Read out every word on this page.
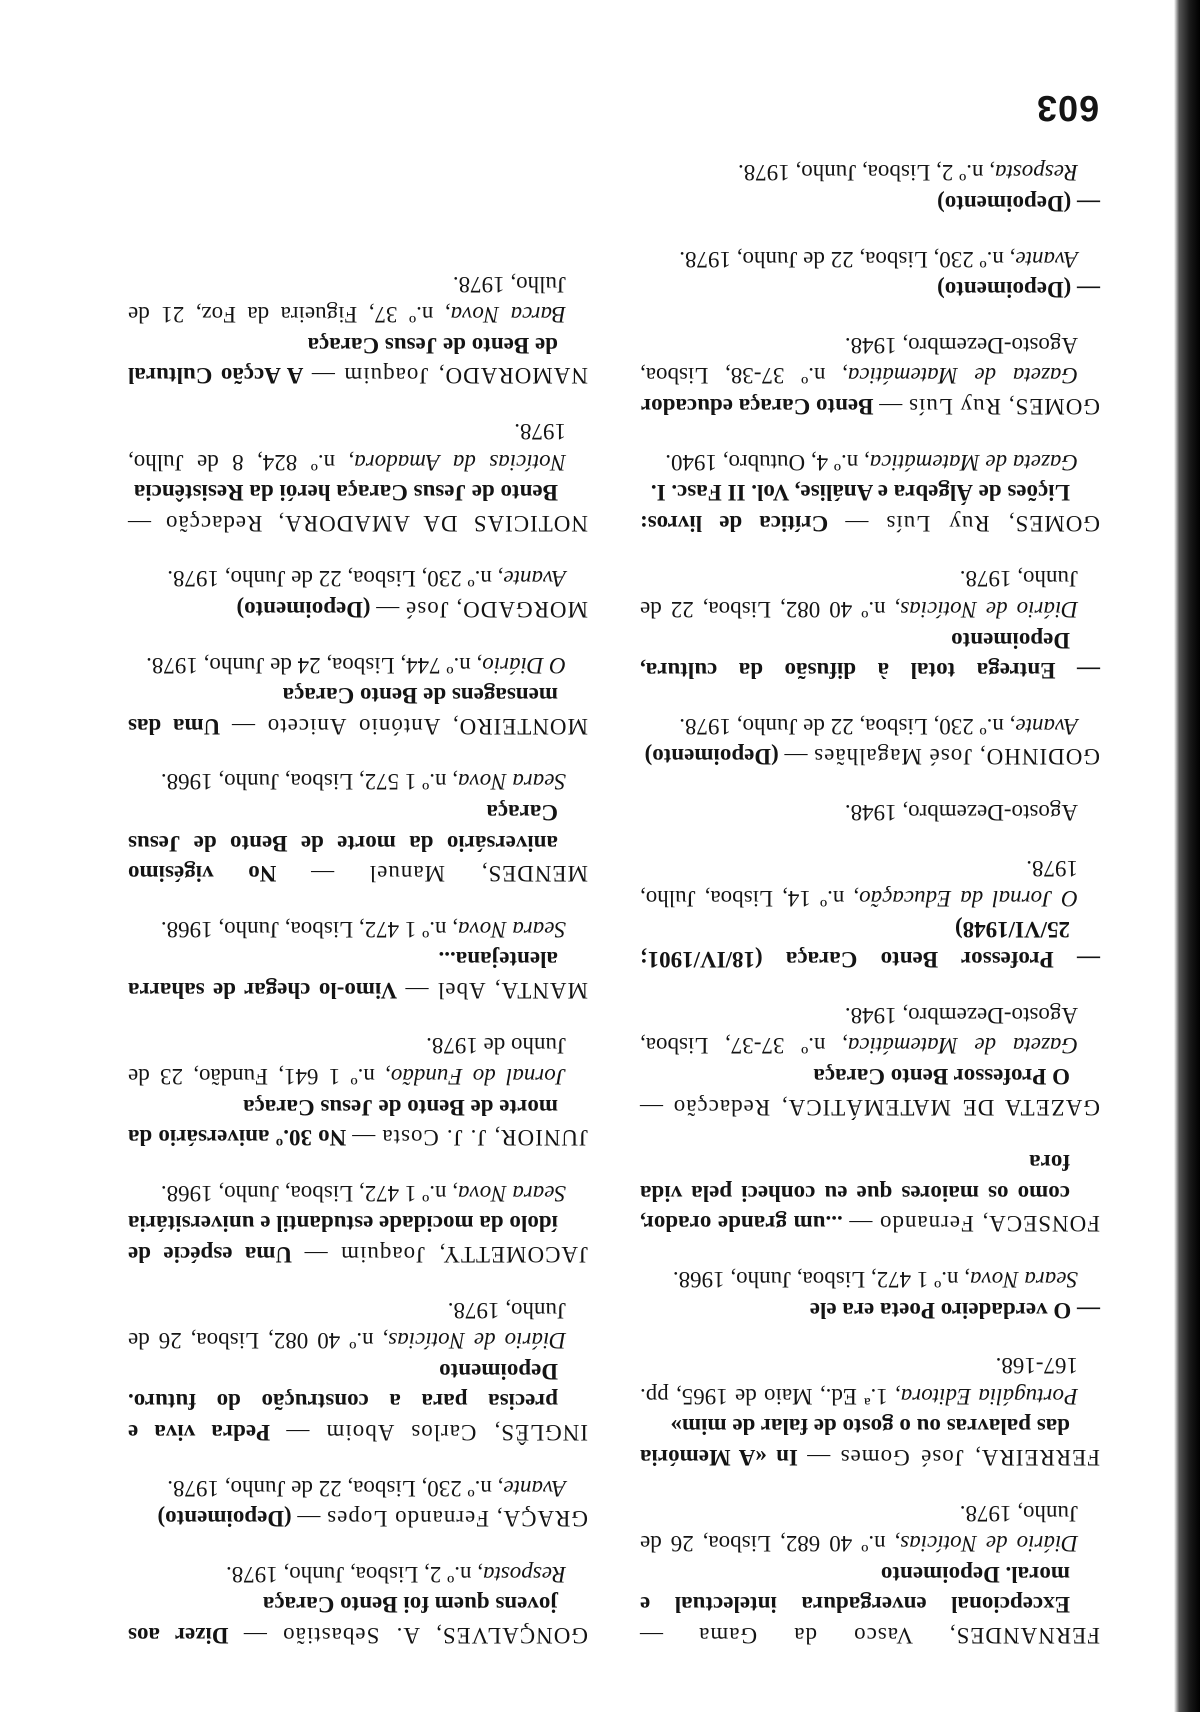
603

FERNANDES, Vasco da Gama — Excepcional envergadura intelectual e moral. Depoimento
Diário de Notícias, n.º 40 682, Lisboa, 26 de Junho, 1978.

FERREIRA, José Gomes — In «A Memória das palavras ou o gosto de falar de mim»
Portugália Editora, 1.ª Ed., Maio de 1965, pp. 167-168.

— O verdadeiro Poeta era ele
Seara Nova, n.º 1 472, Lisboa, Junho, 1968.

FONSECA, Fernando — ...um grande orador, como os maiores que eu conheci pela vida fora

GAZETA DE MATEMÁTICA, Redacção — O Professor Bento Caraça
Gazeta de Matemática, n.º 37-37, Lisboa, Agosto-Dezembro, 1948.

— Professor Bento Caraça (18/IV/1901; 25/VI/1948)
O Jornal da Educação, n.º 14, Lisboa, Julho, 1978.

Agosto-Dezembro, 1948.

GODINHO, José Magalhães — (Depoimento)
Avante, n.º 230, Lisboa, 22 de Junho, 1978.

— Entrega total à difusão da cultura, Depoimento
Diário de Notícias, n.º 40 082, Lisboa, 22 de Junho, 1978.

GOMES, Ruy Luís — Crítica de livros: Lições de Álgebra e Análise, Vol. II Fasc. I.
Gazeta de Matemática, n.º 4, Outubro, 1940.

GOMES, Ruy Luís — Bento Caraça educador
Gazeta de Matemática, n.º 37-38, Lisboa, Agosto-Dezembro, 1948.

— (Depoimento)
Avante, n.º 230, Lisboa, 22 de Junho, 1978.

— (Depoimento)
Resposta, n.º 2, Lisboa, Junho, 1978.

GONÇALVES, A. Sebastião — Dizer aos jovens quem foi Bento Caraça
Resposta, n.º 2, Lisboa, Junho, 1978.

GRAÇA, Fernando Lopes — (Depoimento)
Avante, n.º 230, Lisboa, 22 de Junho, 1978.

INGLÊS, Carlos Aboim — Pedra viva e precisa para a construção do futuro. Depoimento
Diário de Notícias, n.º 40 082, Lisboa, 26 de Junho, 1978.

JACOMETTY, Joaquim — Uma espécie de ídolo da mocidade estudantil e universitária
Seara Nova, n.º 1 472, Lisboa, Junho, 1968.

JUNIOR, J. J. Costa — No 30.º aniversário da morte de Bento de Jesus Caraça
Jornal do Fundão, n.º 1 641, Fundão, 23 de Junho de 1978.

MANTA, Abel — Vimo-lo chegar de saharra alentejana...
Seara Nova, n.º 1 472, Lisboa, Junho, 1968.

MENDES, Manuel — No vigésimo aniversário da morte de Bento de Jesus Caraça
Seara Nova, n.º 1 572, Lisboa, Junho, 1968.

MONTEIRO, António Aniceto — Uma das mensagens de Bento Caraça
O Diário, n.º 744, Lisboa, 24 de Junho, 1978.

MORGADO, José — (Depoimento)
Avante, n.º 230, Lisboa, 22 de Junho, 1978.

NOTICIAS DA AMADORA, Redacção — Bento de Jesus Caraça herói da Resistência
Notícias da Amadora, n.º 824, 8 de Julho, 1978.

NAMORADO, Joaquim — A Acção Cultural de Bento de Jesus Caraça
Barca Nova, n.º 37, Figueira da Foz, 21 de Julho, 1978.
